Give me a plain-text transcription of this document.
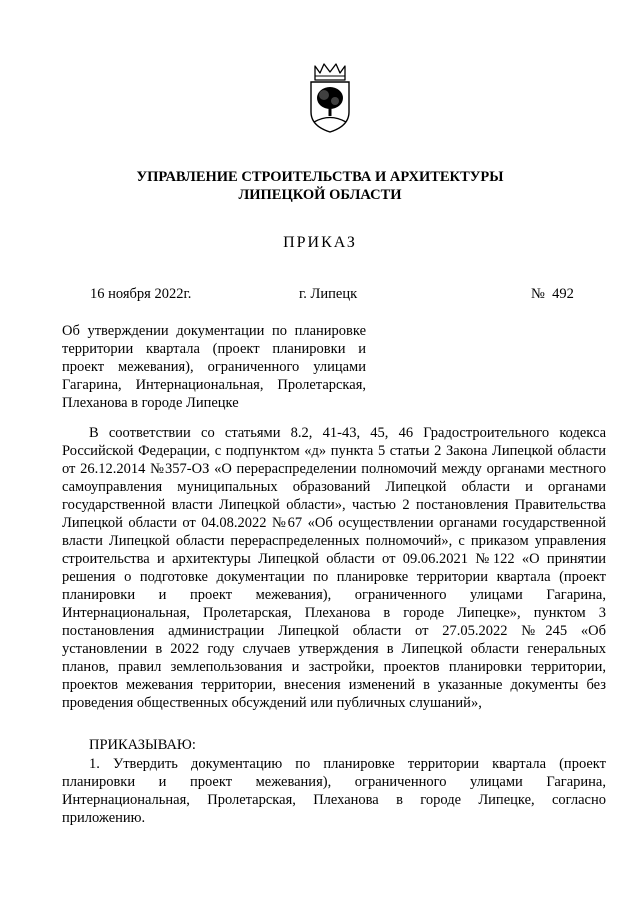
УПРАВЛЕНИЕ СТРОИТЕЛЬСТВА И АРХИТЕКТУРЫ
ЛИПЕЦКОЙ ОБЛАСТИ
ПРИКАЗ
16 ноября 2022г.	г. Липецк	№  492
Об утверждении документации по планировке территории квартала (проект планировки и проект межевания), ограниченного улицами Гагарина, Интернациональная, Пролетарская, Плеханова в городе Липецке
В соответствии со статьями 8.2, 41-43, 45, 46 Градостроительного кодекса Российской Федерации, с подпунктом «д» пункта 5 статьи 2 Закона Липецкой области от 26.12.2014 №357-ОЗ «О перераспределении полномочий между органами местного самоуправления муниципальных образований Липецкой области и органами государственной власти Липецкой области», частью 2 постановления Правительства Липецкой области от 04.08.2022 №67 «Об осуществлении органами государственной власти Липецкой области перераспределенных полномочий», с приказом управления строительства и архитектуры Липецкой области от 09.06.2021 №122 «О принятии решения о подготовке документации по планировке территории квартала (проект планировки и проект межевания), ограниченного улицами Гагарина, Интернациональная, Пролетарская, Плеханова в городе Липецке», пунктом 3 постановления администрации Липецкой области от 27.05.2022 №245 «Об установлении в 2022 году случаев утверждения в Липецкой области генеральных планов, правил землепользования и застройки, проектов планировки территории, проектов межевания территории, внесения изменений в указанные документы без проведения общественных обсуждений или публичных слушаний»,
ПРИКАЗЫВАЮ:
1. Утвердить документацию по планировке территории квартала (проект планировки и проект межевания), ограниченного улицами Гагарина, Интернациональная, Пролетарская, Плеханова в городе Липецке, согласно приложению.
